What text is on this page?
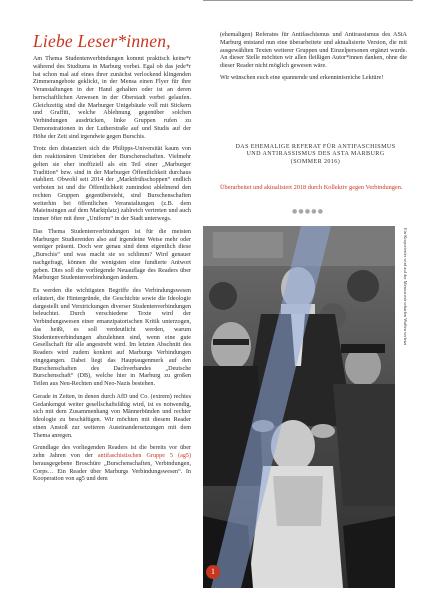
Liebe Leser*innen,

Am Thema Studentenverbindungen kommt praktisch keine*r während des Studiums in Marburg vorbei. Egal ob das jede*r hat schon mal auf eines ihrer zunächst verlockend klingenden Zimmerangebote geklickt, in der Mensa einen Flyer für ihre Veranstaltungen in der Hand gehalten oder ist an deren herrschaftlichen Anwesen in der Oberstadt vorbei gelaufen. Gleichzeitig sind die Marburger Unigebäude voll mit Stickern und Graffiti, welche Ablehnung gegenüber solchen Verbindungen ausdrücken, linke Gruppen rufen zu Demonstrationen in der Lutherstraße auf und Studis auf der Höhe der Zeit sind irgendwie gegen Burschis.

Trotz den distanziert sich die Philipps-Universität kaum von den reaktionären Umtrieben der Burschenschaften. Vielmehr gelten sie eher inoffiziell als ein Teil einer „Marburger Tradition“ bzw. sind in der Marburger Öffentlichkeit durchaus etabliert. Obwohl seit 2014 der „Marktfrühschoppen“ endlich verboten ist und die Öffentlichkeit zumindest ablehnend den rechten Gruppen gegenübersteht, sind Burschenschaften weiterhin bei öffentlichen Veranstaltungen (z.B. dem Maieinsingen auf dem Marktplatz) zahlreich vertreten und auch immer öfter mit ihrer „Uniform“ in der Stadt unterwegs.

Das Thema Studentenverbindungen ist für die meisten Marburger Studierenden also auf irgendeine Weise mehr oder weniger präsent. Doch wer genau sind denn eigentlich diese „Burschis“ und was macht sie so schlimm? Wird genauer nachgefragt, können die wenigsten eine fundierte Antwort geben. Dies soll die vorliegende Neuauflage des Readers über Marburger Studentenverbindungen ändern.

Es werden die wichtigsten Begriffe des Verbindungswesen erläutert, die Hintergründe, die Geschichte sowie die Ideologie dargestellt und Verstrickungen diverser Studentenverbindungen beleuchtet. Durch verschiedene Texte wird der Verbindungswesen einer emanzipatorischen Kritik unterzogen, das heißt, es soll verdeutlicht werden, warum Studentenverbindungen abzulehnen sind, wenn eine gute Gesellschaft für alle angestrebt wird. Im letzten Abschnitt des Readers wird zudem konkret auf Marburgs Verbindungen eingegangen. Dabei liegt das Hauptaugenmerk auf den Burschenschaften des Dachverbandes „Deutsche Burschenschaft“ (DB), welche hier in Marburg zu großen Teilen aus Neu-Rechten und Neo-Nazis bestehen.

Gerade in Zeiten, in denen durch AfD und Co. (extrem) rechtes Gedankengut weiter gesellschaftsfähig wird, ist es notwendig, sich mit dem Zusammenhang von Männerbünden und rechter Ideologie zu beschäftigen. Wir möchten mit diesem Reader einen Anstoß zur weiteren Auseinandersetzungen mit dem Thema anregen.

Grundlage des vorliegenden Readers ist die bereits vor über zehn Jahren von der antifaschistischen Gruppe 5 (ag5) herausgegebene Broschüre „Burschenschaften, Verbindungen, Corps… Ein Reader über Marburgs Verbindungswesen“. In Kooperation von ag5 und dem

(ehemaligen) Referates für Antifaschismus und Antirassismus des AStA Marburg entstand nun eine überarbeitete und aktualisierte Version, die mit ausgewählten Texten weiterer Gruppen und Einzelpersonen ergänzt wurde. An dieser Stelle möchten wir allen fleißigen Autor*innen danken, ohne die dieser Reader nicht möglich gewesen wäre.

Wir wünschen euch eine spannende und erkenntnisreiche Lektüre!

DAS EHEMALIGE REFERAT FÜR ANTIFASCHISMUS
UND ANTIRASSISMUS DES ASTA MARBURG
(SOMMER 2016)
Überarbeitet und aktualisiert 2018 durch Kollektiv gegen Verbindungen.
●●●●●
Ein Korporierter wird auf der Mensur mit scharfen Waffen verletzt
1
